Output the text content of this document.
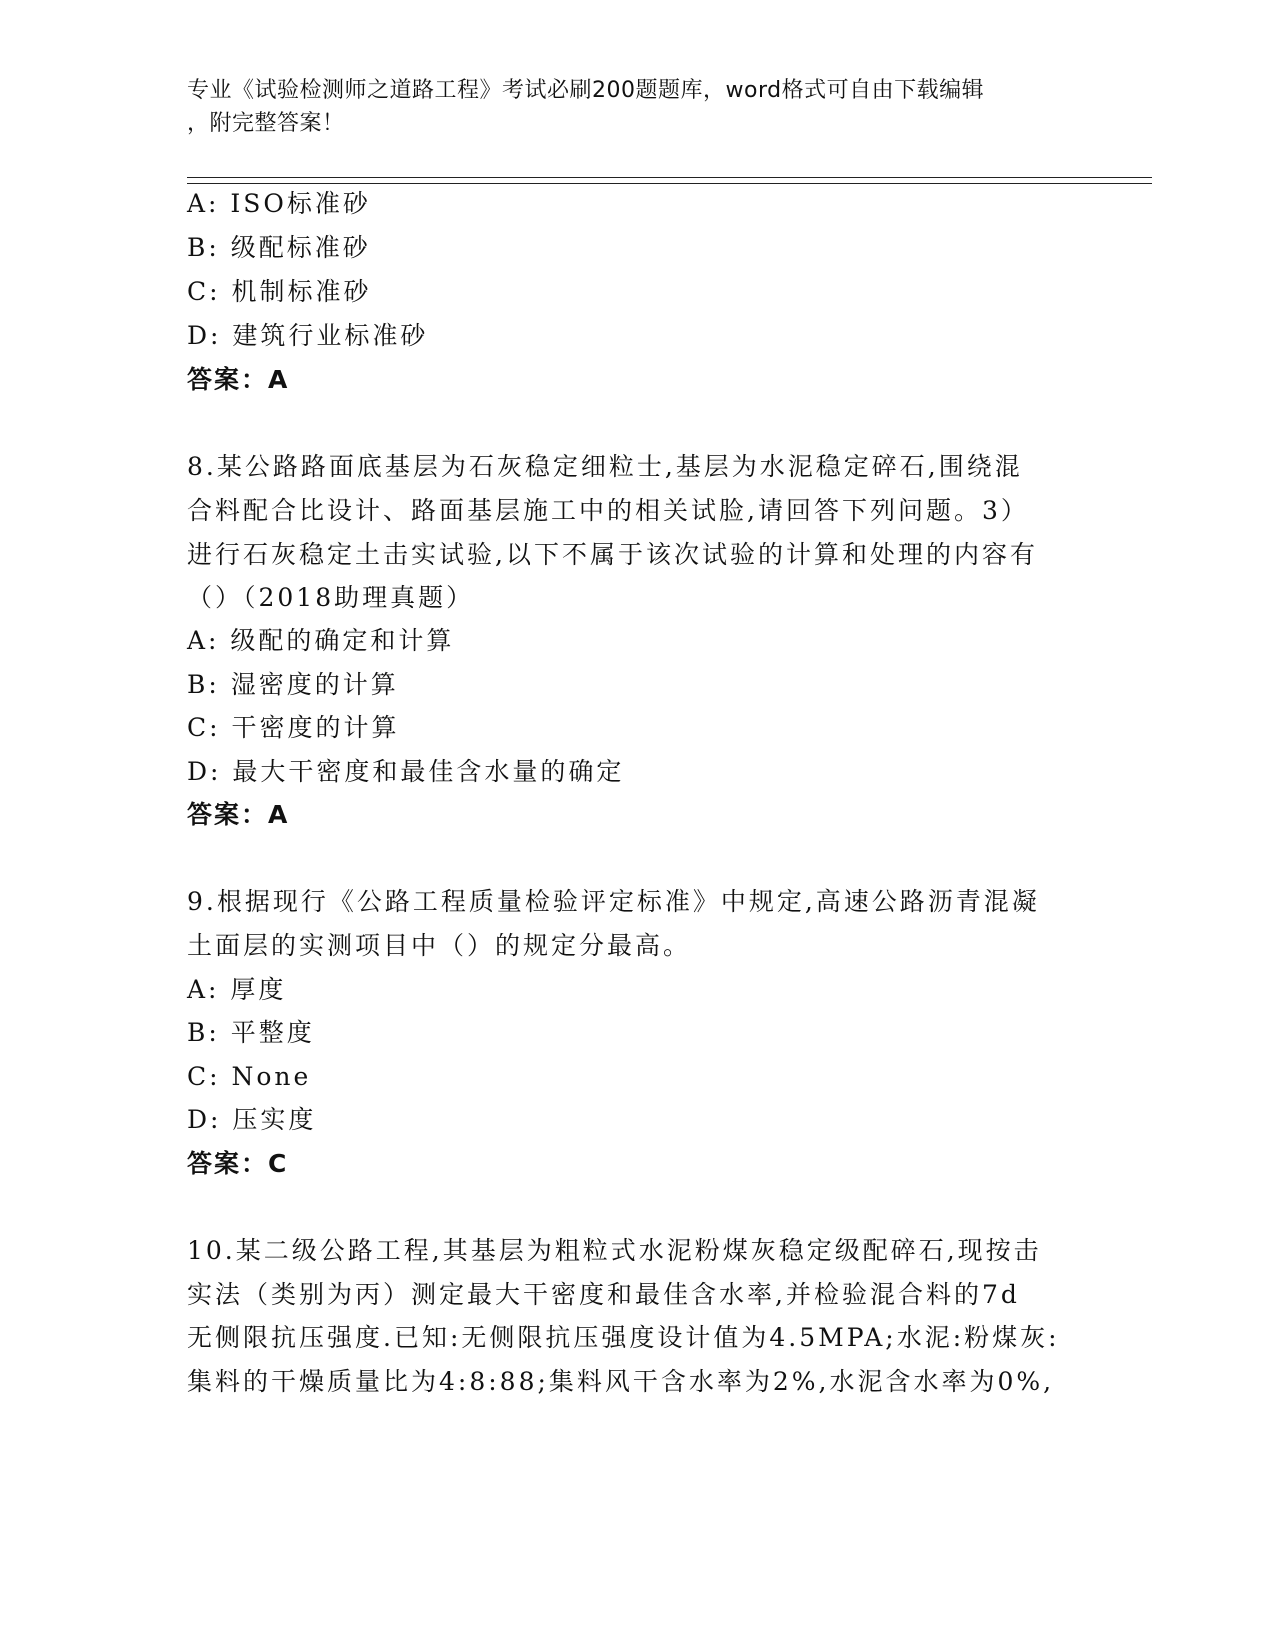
专业《试验检测师之道路工程》考试必刷200题题库，word格式可自由下载编辑
，附完整答案！
A: ISO标准砂
B: 级配标准砂
C: 机制标准砂
D: 建筑行业标准砂
答案：A
8.某公路路面底基层为石灰稳定细粒士,基层为水泥稳定碎石,围绕混
合料配合比设计、路面基层施工中的相关试脸,请回答下列问题。3）
进行石灰稳定土击实试验,以下不属于该次试验的计算和处理的内容有
（）（2018助理真题）
A: 级配的确定和计算
B: 湿密度的计算
C: 干密度的计算
D: 最大干密度和最佳含水量的确定
答案：A
9.根据现行《公路工程质量检验评定标准》中规定,高速公路沥青混凝
土面层的实测项目中（）的规定分最高。
A: 厚度
B: 平整度
C: None
D: 压实度
答案：C
10.某二级公路工程,其基层为粗粒式水泥粉煤灰稳定级配碎石,现按击
实法（类别为丙）测定最大干密度和最佳含水率,并检验混合料的7d
无侧限抗压强度.已知:无侧限抗压强度设计值为4.5MPA;水泥:粉煤灰:
集料的干燥质量比为4:8:88;集料风干含水率为2%,水泥含水率为0%,
